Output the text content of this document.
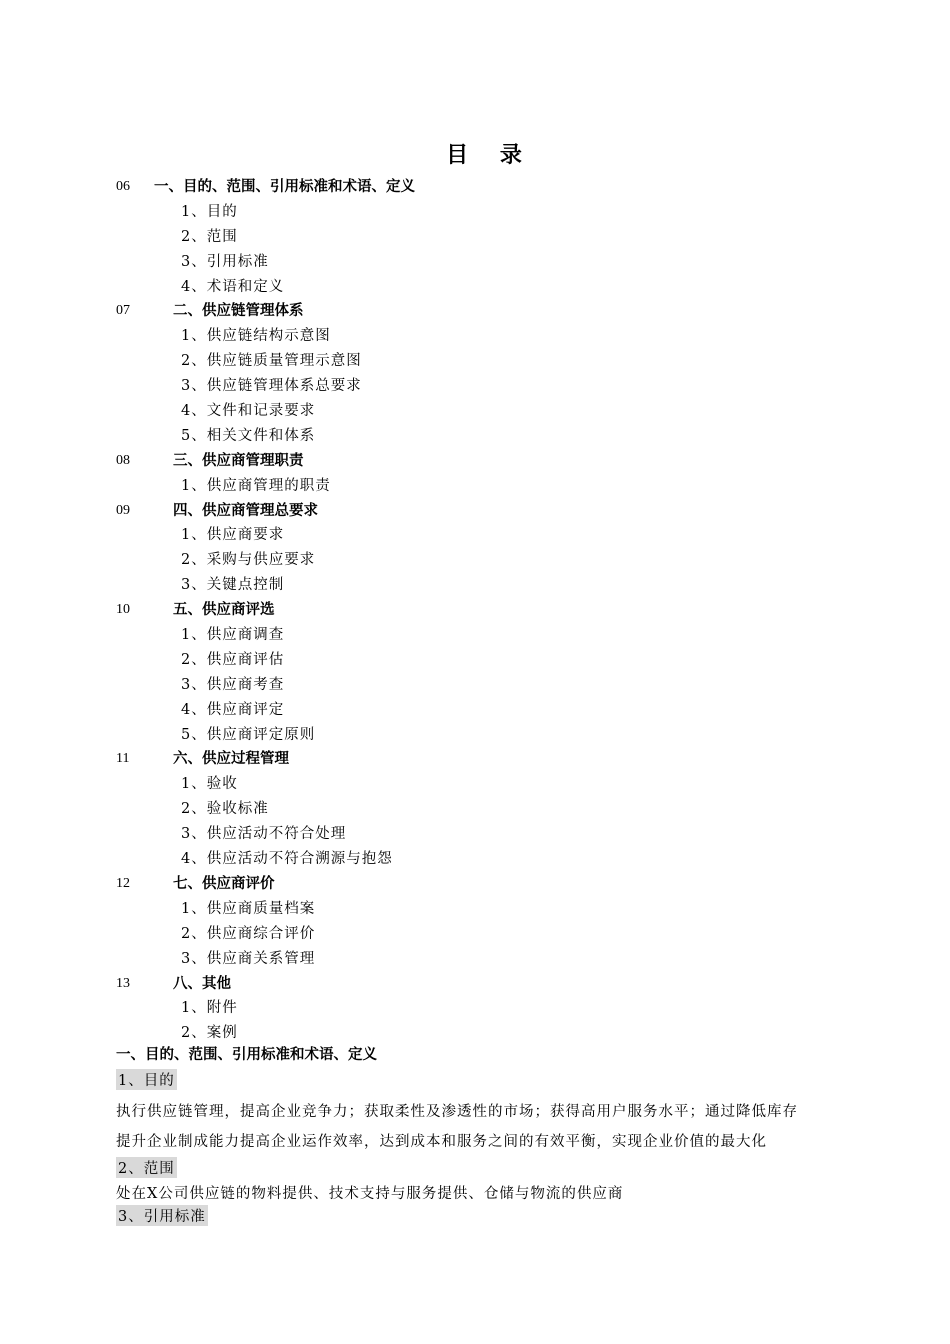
目 录
06 一、目的、范围、引用标准和术语、定义
1、目的
2、范围
3、引用标准
4、术语和定义
07	二、供应链管理体系
1、供应链结构示意图
2、供应链质量管理示意图
3、供应链管理体系总要求
4、文件和记录要求
5、相关文件和体系
08	三、供应商管理职责
1、供应商管理的职责
09	四、供应商管理总要求
1、供应商要求
2、采购与供应要求
3、关键点控制
10	五、供应商评选
1、供应商调查
2、供应商评估
3、供应商考查
4、供应商评定
5、供应商评定原则
11	六、供应过程管理
1、验收
2、验收标准
3、供应活动不符合处理
4、供应活动不符合溯源与抱怨
12	七、供应商评价
1、供应商质量档案
2、供应商综合评价
3、供应商关系管理
13	八、其他
1、附件
2、案例
一、目的、范围、引用标准和术语、定义
1、目的
执行供应链管理，提高企业竞争力；获取柔性及渗透性的市场；获得高用户服务水平；通过降低库存
提升企业制成能力提高企业运作效率，达到成本和服务之间的有效平衡，实现企业价值的最大化
2、范围
处在X公司供应链的物料提供、技术支持与服务提供、仓储与物流的供应商
3、引用标准
